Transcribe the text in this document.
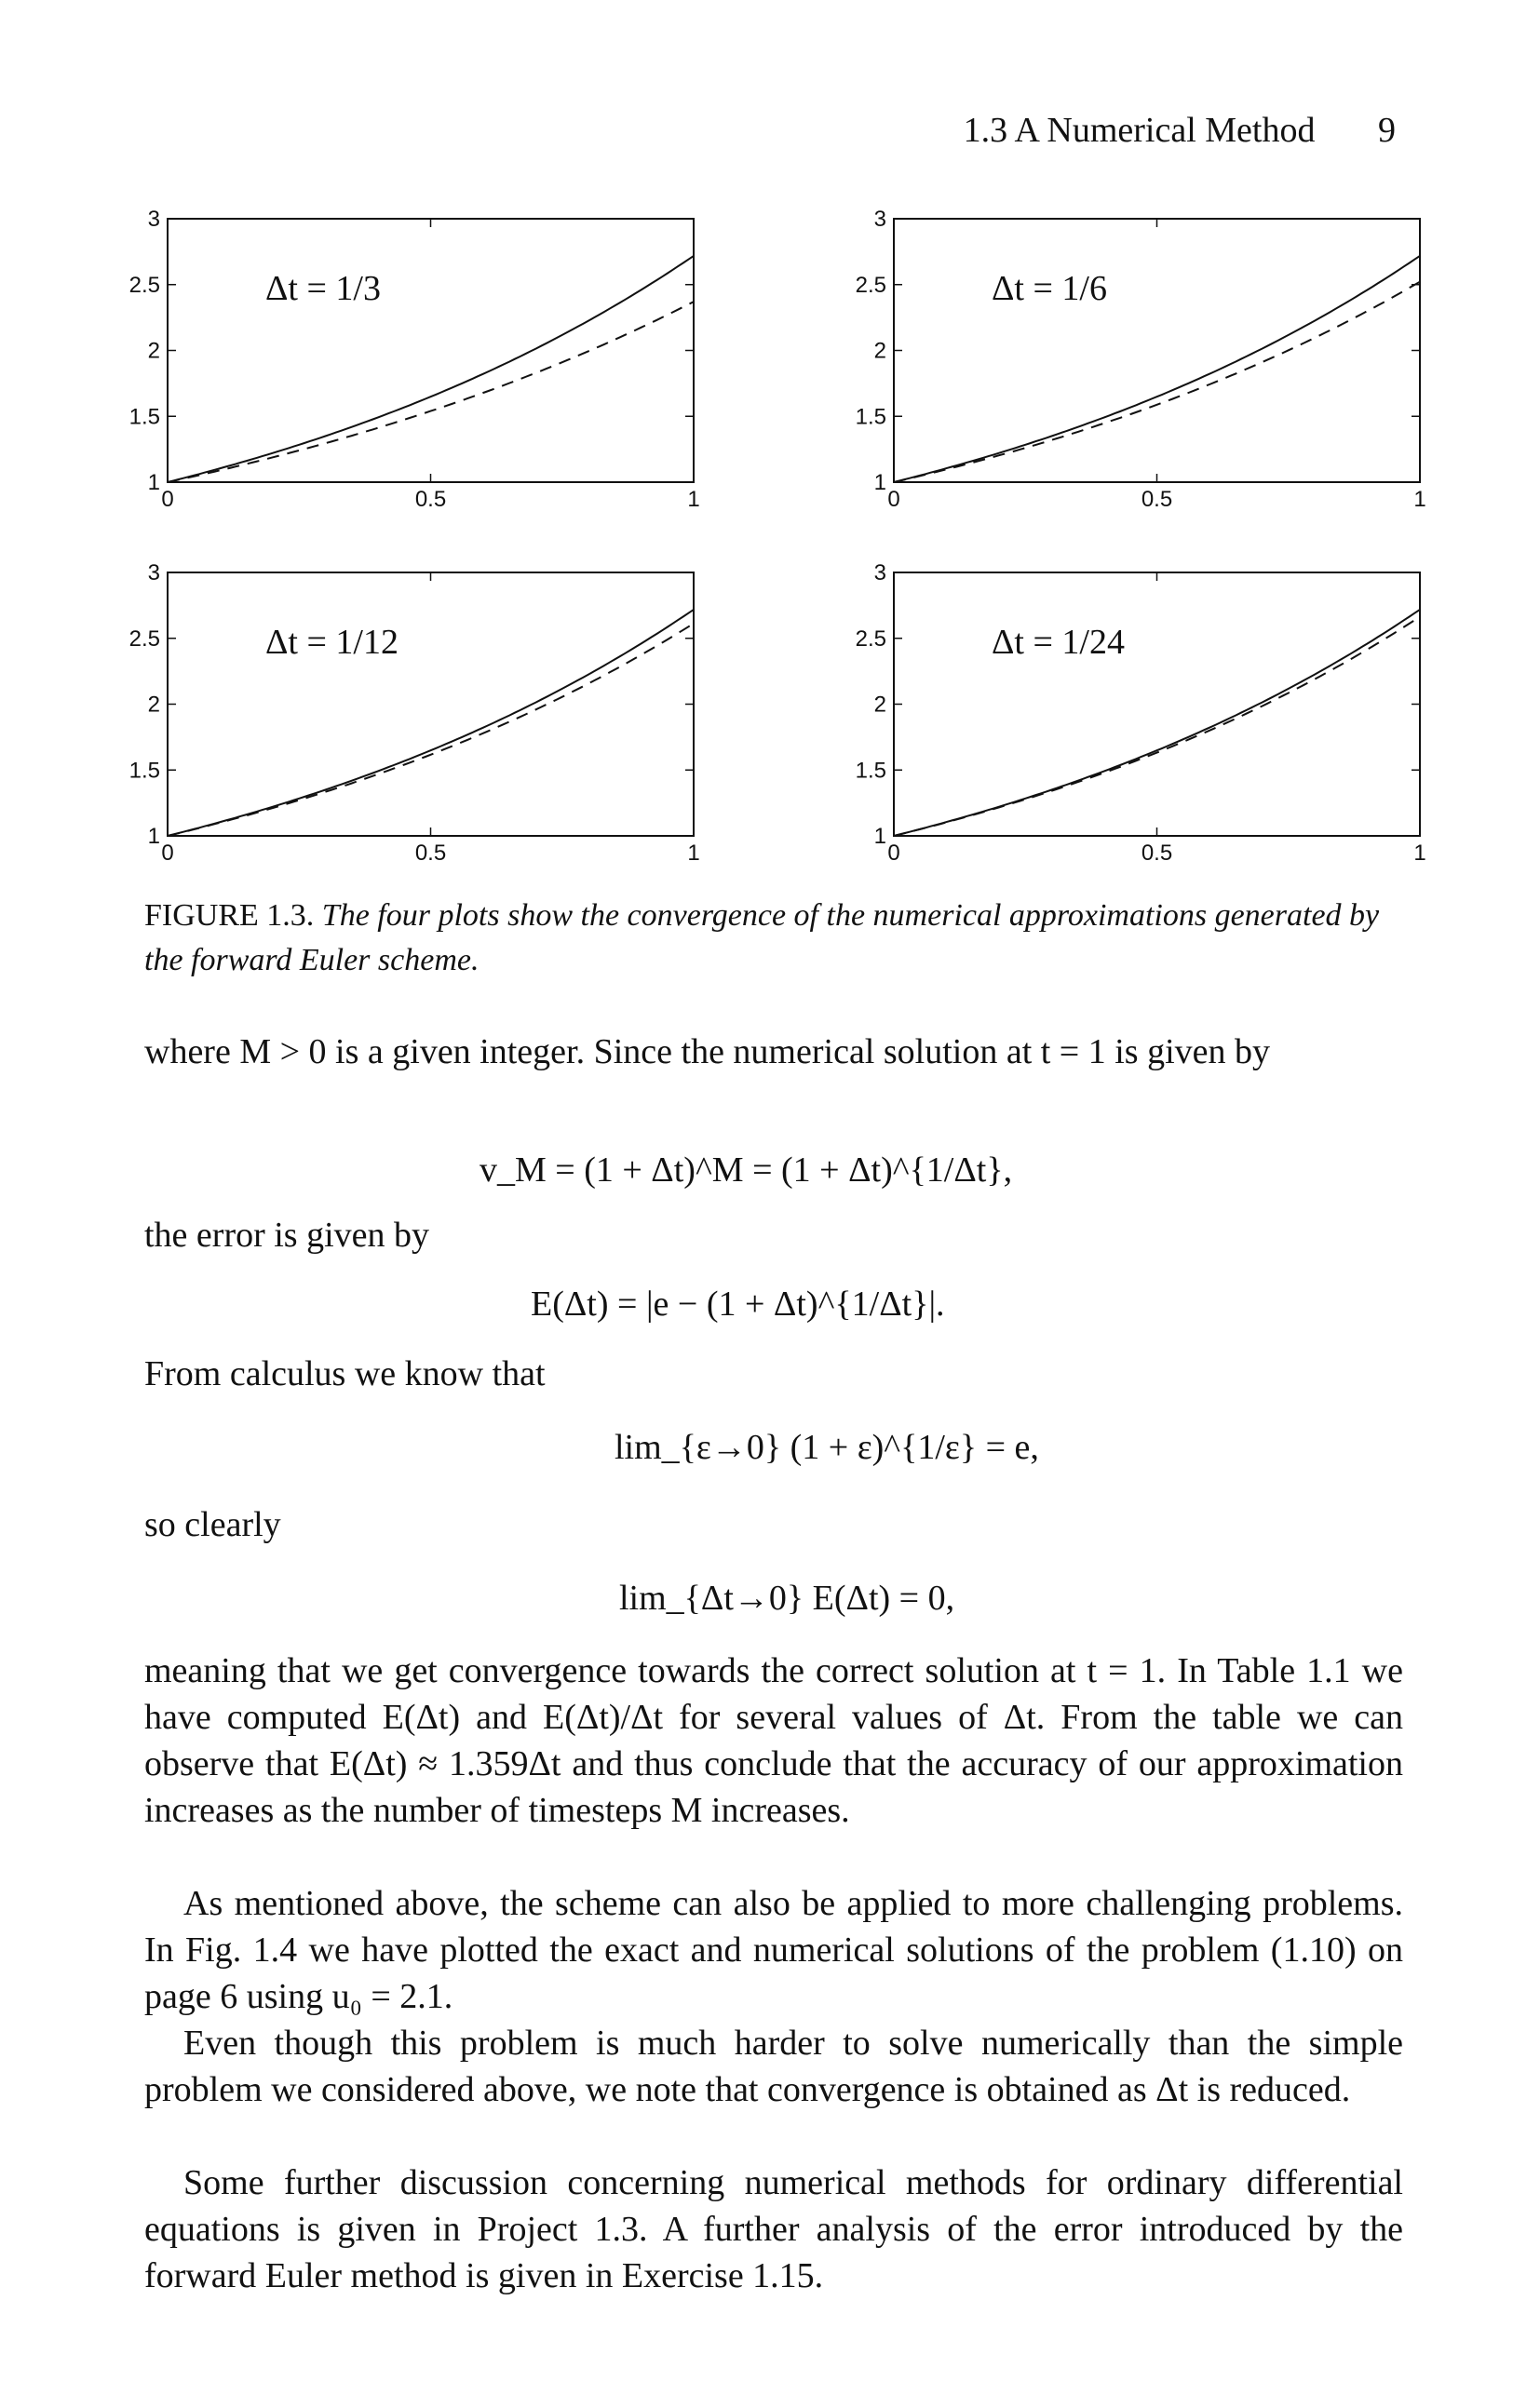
1.3 A Numerical Method 9
1
1.5
2
2.5
3
0	0.5	1
Δt = 1/3
1
1.5
2
2.5
3
0	0.5	1
Δt = 1/6
1
1.5
2
2.5
3
0	0.5	1
Δt = 1/12
1
1.5
2
2.5
3
0	0.5	1
Δt = 1/24
FIGURE 1.3. The four plots show the convergence of the numerical approximations generated by the forward Euler scheme.
where M > 0 is a given integer. Since the numerical solution at t = 1 is given by
v_M = (1 + Δt)^M = (1 + Δt)^{1/Δt},
the error is given by
E(Δt) = |e − (1 + Δt)^{1/Δt}|.
From calculus we know that
lim_{ε→0} (1 + ε)^{1/ε} = e,
so clearly
lim_{Δt→0} E(Δt) = 0,
meaning that we get convergence towards the correct solution at t = 1. In Table 1.1 we have computed E(Δt) and E(Δt)/Δt for several values of Δt. From the table we can observe that E(Δt) ≈ 1.359Δt and thus conclude that the accuracy of our approximation increases as the number of timesteps M increases.
As mentioned above, the scheme can also be applied to more challenging problems. In Fig. 1.4 we have plotted the exact and numerical solutions of the problem (1.10) on page 6 using u₀ = 2.1.
Even though this problem is much harder to solve numerically than the simple problem we considered above, we note that convergence is obtained as Δt is reduced.
Some further discussion concerning numerical methods for ordinary differential equations is given in Project 1.3. A further analysis of the error introduced by the forward Euler method is given in Exercise 1.15.
